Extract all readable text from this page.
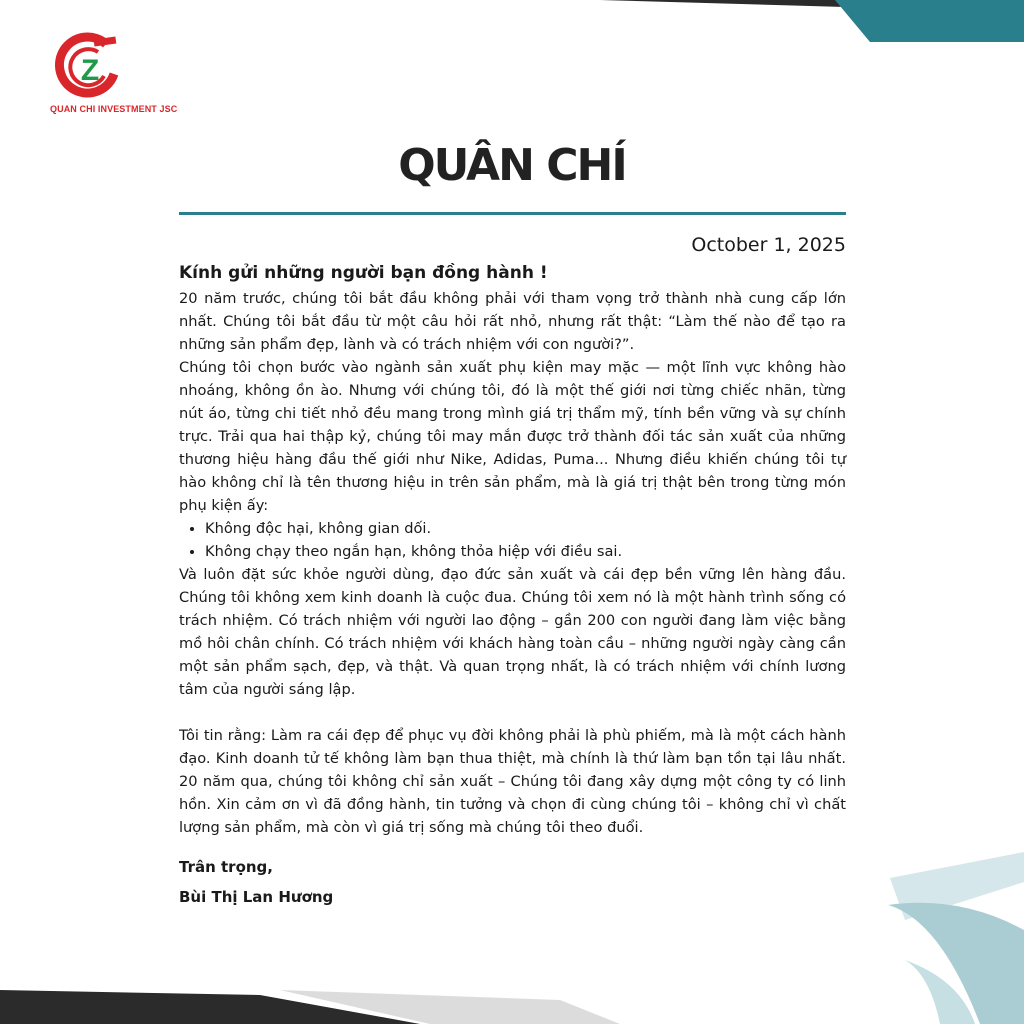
Z
QUAN CHI INVESTMENT JSC
QUÂN CHÍ
October 1, 2025
Kính gửi những người bạn đồng hành !

20 năm trước, chúng tôi bắt đầu không phải với tham vọng trở thành nhà cung cấp lớn nhất. Chúng tôi bắt đầu từ một câu hỏi rất nhỏ, nhưng rất thật: “Làm thế nào để tạo ra những sản phẩm đẹp, lành và có trách nhiệm với con người?”.

Chúng tôi chọn bước vào ngành sản xuất phụ kiện may mặc — một lĩnh vực không hào nhoáng, không ồn ào. Nhưng với chúng tôi, đó là một thế giới nơi từng chiếc nhãn, từng nút áo, từng chi tiết nhỏ đều mang trong mình giá trị thẩm mỹ, tính bền vững và sự chính trực. Trải qua hai thập kỷ, chúng tôi may mắn được trở thành đối tác sản xuất của những thương hiệu hàng đầu thế giới như Nike, Adidas, Puma... Nhưng điều khiến chúng tôi tự hào không chỉ là tên thương hiệu in trên sản phẩm, mà là giá trị thật bên trong từng món phụ kiện ấy:

• Không độc hại, không gian dối.
• Không chạy theo ngắn hạn, không thỏa hiệp với điều sai.

Và luôn đặt sức khỏe người dùng, đạo đức sản xuất và cái đẹp bền vững lên hàng đầu. Chúng tôi không xem kinh doanh là cuộc đua. Chúng tôi xem nó là một hành trình sống có trách nhiệm. Có trách nhiệm với người lao động – gần 200 con người đang làm việc bằng mồ hôi chân chính. Có trách nhiệm với khách hàng toàn cầu – những người ngày càng cần một sản phẩm sạch, đẹp, và thật. Và quan trọng nhất, là có trách nhiệm với chính lương tâm của người sáng lập.

Tôi tin rằng: Làm ra cái đẹp để phục vụ đời không phải là phù phiếm, mà là một cách hành đạo. Kinh doanh tử tế không làm bạn thua thiệt, mà chính là thứ làm bạn tồn tại lâu nhất. 20 năm qua, chúng tôi không chỉ sản xuất – Chúng tôi đang xây dựng một công ty có linh hồn. Xin cảm ơn vì đã đồng hành, tin tưởng và chọn đi cùng chúng tôi – không chỉ vì chất lượng sản phẩm, mà còn vì giá trị sống mà chúng tôi theo đuổi.

Trân trọng,
Bùi Thị Lan Hương
